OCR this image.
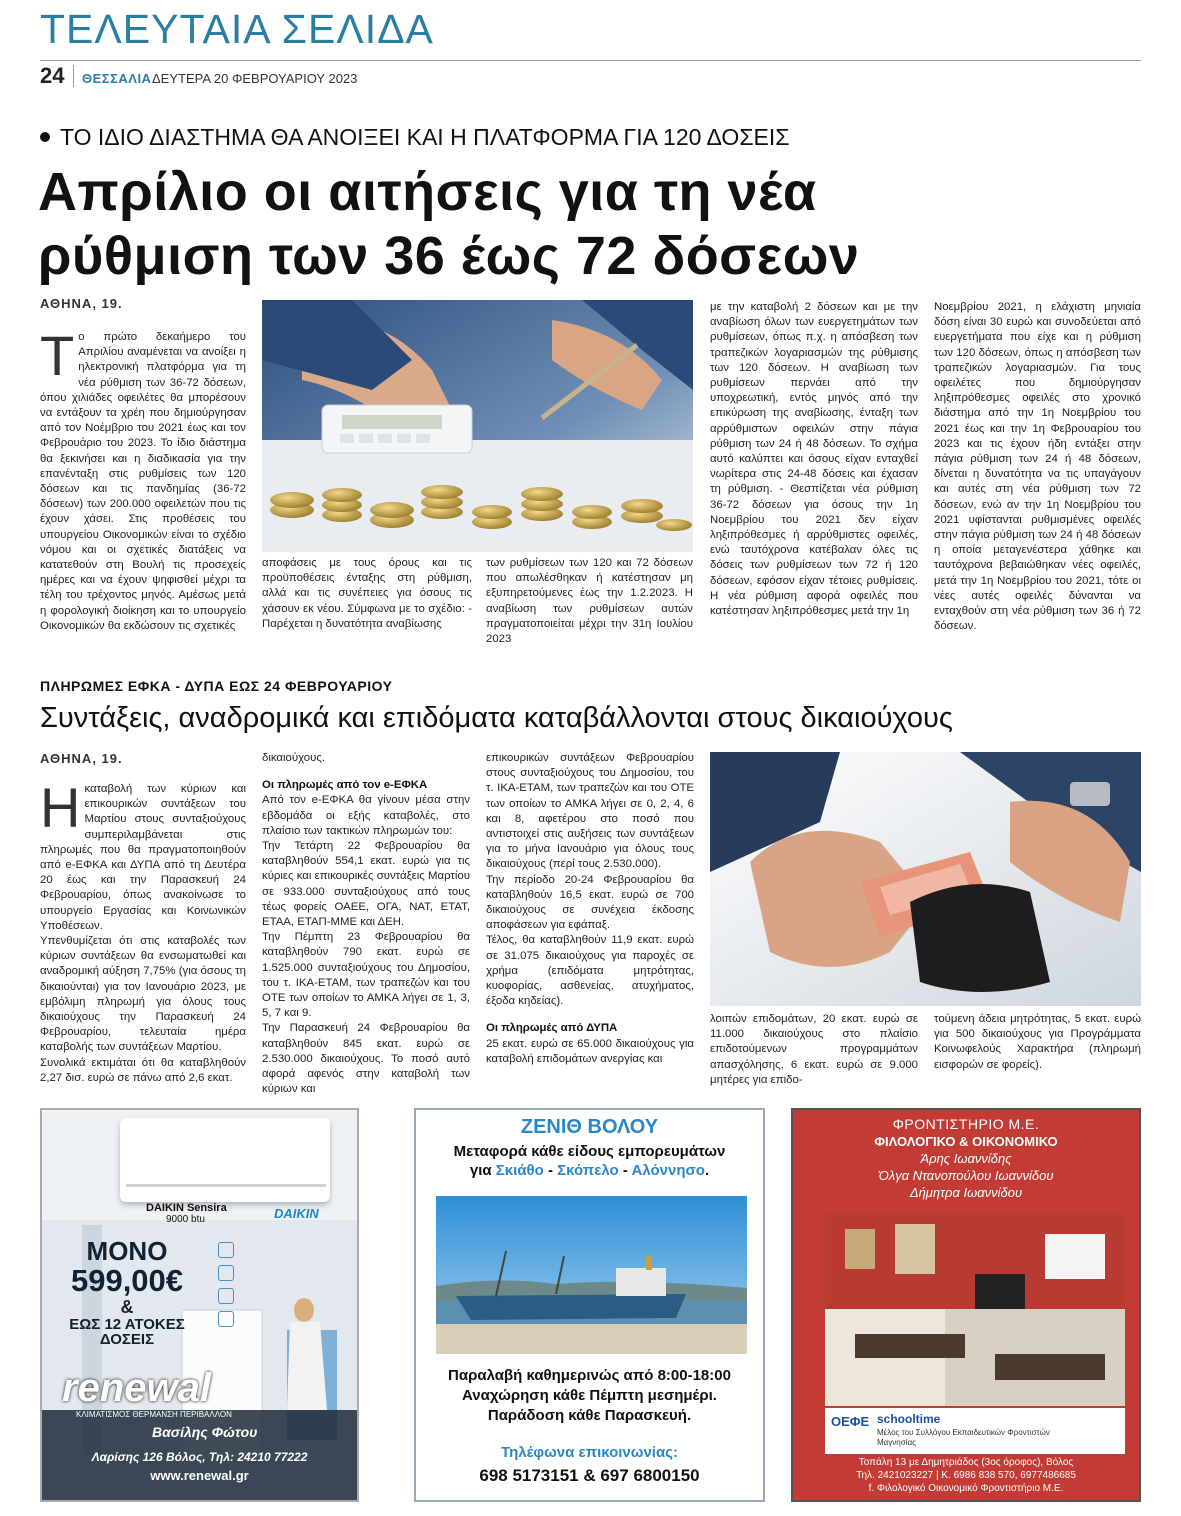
ΤΕΛΕΥΤΑΙΑ ΣΕΛΙΔΑ
24 ΘΕΣΣΑΛΙΑ ΔΕΥΤΕΡΑ 20 ΦΕΒΡΟΥΑΡΙΟΥ 2023
ΤΟ ΙΔΙΟ ΔΙΑΣΤΗΜΑ ΘΑ ΑΝΟΙΞΕΙ ΚΑΙ Η ΠΛΑΤΦΟΡΜΑ ΓΙΑ 120 ΔΟΣΕΙΣ
Απρίλιο οι αιτήσεις για τη νέα
ρύθμιση των 36 έως 72 δόσεων
ΑΘΗΝΑ, 19.
Το πρώτο δεκαήμερο του Απριλίου αναμένεται να ανοίξει η ηλεκτρονική πλατφόρμα για τη νέα ρύθμιση των 36-72 δόσεων, όπου χιλιάδες οφειλέτες θα μπορέσουν να εντάξουν τα χρέη που δημιούργησαν από τον Νοέμβριο του 2021 έως και τον Φεβρουάριο του 2023. Το ίδιο διάστημα θα ξεκινήσει και η διαδικασία για την επανένταξη στις ρυθμίσεις των 120 δόσεων και τις πανδημίας (36-72 δόσεων) των 200.000 οφειλετών που τις έχουν χάσει. Στις προθέσεις του υπουργείου Οικονομικών είναι το σχέδιο νόμου και οι σχετικές διατάξεις να κατατεθούν στη Βουλή τις προσεχείς ημέρες και να έχουν ψηφισθεί μέχρι τα τέλη του τρέχοντος μηνός. Αμέσως μετά η φορολογική διοίκηση και το υπουργείο Οικονομικών θα εκδώσουν τις σχετικές
αποφάσεις με τους όρους και τις προϋποθέσεις ένταξης στη ρύθμιση, αλλά και τις συνέπειες για όσους τις χάσουν εκ νέου. Σύμφωνα με το σχέδιο: - Παρέχεται η δυνατότητα αναβίωσης
των ρυθμίσεων των 120 και 72 δόσεων που απωλέσθηκαν ή κατέστησαν μη εξυπηρετούμενες έως την 1.2.2023. Η αναβίωση των ρυθμίσεων αυτών πραγματοποιείται μέχρι την 31η Ιουλίου 2023
με την καταβολή 2 δόσεων και με την αναβίωση όλων των ευεργετημάτων των ρυθμίσεων, όπως π.χ. η απόσβεση των τραπεζικών λογαριασμών της ρύθμισης των 120 δόσεων. Η αναβίωση των ρυθμίσεων περνάει από την υποχρεωτική, εντός μηνός από την επικύρωση της αναβίωσης, ένταξη των αρρύθμιστων οφειλών στην πάγια ρύθμιση των 24 ή 48 δόσεων. Το σχήμα αυτό καλύπτει και όσους είχαν ενταχθεί νωρίτερα στις 24-48 δόσεις και έχασαν τη ρύθμιση. - Θεσπίζεται νέα ρύθμιση 36-72 δόσεων για όσους την 1η Νοεμβρίου του 2021 δεν είχαν ληξιπρόθεσμες ή αρρύθμιστες οφειλές, ενώ ταυτόχρονα κατέβαλαν όλες τις δόσεις των ρυθμίσεων των 72 ή 120 δόσεων, εφόσον είχαν τέτοιες ρυθμίσεις. Η νέα ρύθμιση αφορά οφειλές που κατέστησαν ληξιπρόθεσμες μετά την 1η
Νοεμβρίου 2021, η ελάχιστη μηνιαία δόση είναι 30 ευρώ και συνοδεύεται από ευεργετήματα που είχε και η ρύθμιση των 120 δόσεων, όπως η απόσβεση των τραπεζικών λογαριασμών. Για τους οφειλέτες που δημιούργησαν ληξιπρόθεσμες οφειλές στο χρονικό διάστημα από την 1η Νοεμβρίου του 2021 έως και την 1η Φεβρουαρίου του 2023 και τις έχουν ήδη εντάξει στην πάγια ρύθμιση των 24 ή 48 δόσεων, δίνεται η δυνατότητα να τις υπαγάγουν και αυτές στη νέα ρύθμιση των 72 δόσεων, ενώ αν την 1η Νοεμβρίου του 2021 υφίστανται ρυθμισμένες οφειλές στην πάγια ρύθμιση των 24 ή 48 δόσεων η οποία μεταγενέστερα χάθηκε και ταυτόχρονα βεβαιώθηκαν νέες οφειλές, μετά την 1η Νοεμβρίου του 2021, τότε οι νέες αυτές οφειλές δύνανται να ενταχθούν στη νέα ρύθμιση των 36 ή 72 δόσεων.
ΠΛΗΡΩΜΕΣ ΕΦΚΑ - ΔΥΠΑ ΕΩΣ 24 ΦΕΒΡΟΥΑΡΙΟΥ
Συντάξεις, αναδρομικά και επιδόματα καταβάλλονται στους δικαιούχους
ΑΘΗΝΑ, 19.

Ηκαταβολή των κύριων και επικουρικών συντάξεων του Μαρτίου στους συνταξιούχους συμπεριλαμβάνεται στις πληρωμές που θα πραγματοποιηθούν από e-ΕΦΚΑ και ΔΥΠΑ από τη Δευτέρα 20 έως και την Παρασκευή 24 Φεβρουαρίου, όπως ανακοίνωσε το υπουργείο Εργασίας και Κοινωνικών Υποθέσεων.

Υπενθυμίζεται ότι στις καταβολές των κύριων συντάξεων θα ενσωματωθεί και αναδρομική αύξηση 7,75% (για όσους τη δικαιούνται) για τον Ιανουάριο 2023, με εμβόλιμη πληρωμή για όλους τους δικαιούχους την Παρασκευή 24 Φεβρουαρίου, τελευταία ημέρα καταβολής των συντάξεων Μαρτίου.

Συνολικά εκτιμάται ότι θα καταβληθούν 2,27 δισ. ευρώ σε πάνω από 2,6 εκατ.

δικαιούχους.

Οι πληρωμές από τον e-ΕΦΚΑ

Από τον e-ΕΦΚΑ θα γίνουν μέσα στην εβδομάδα οι εξής καταβολές, στο πλαίσιο των τακτικών πληρωμών του:

Την Τετάρτη 22 Φεβρουαρίου θα καταβληθούν 554,1 εκατ. ευρώ για τις κύριες και επικουρικές συντάξεις Μαρτίου σε 933.000 συνταξιούχους από τους τέως φορείς ΟΑΕΕ, ΟΓΑ, ΝΑΤ, ΕΤΑΤ, ΕΤΑΑ, ΕΤΑΠ-ΜΜΕ και ΔΕΗ.

Την Πέμπτη 23 Φεβρουαρίου θα καταβληθούν 790 εκατ. ευρώ σε 1.525.000 συνταξιούχους του Δημοσίου, του τ. ΙΚΑ-ΕΤΑΜ, των τραπεζών και του ΟΤΕ των οποίων το ΑΜΚΑ λήγει σε 1, 3, 5, 7 και 9.

Την Παρασκευή 24 Φεβρουαρίου θα καταβληθούν 845 εκατ. ευρώ σε 2.530.000 δικαιούχους. Το ποσό αυτό αφορά αφενός στην καταβολή των κύριων και

επικουρικών συντάξεων Φεβρουαρίου στους συνταξιούχους του Δημοσίου, του τ. ΙΚΑ-ΕΤΑΜ, των τραπεζών και του ΟΤΕ των οποίων το ΑΜΚΑ λήγει σε 0, 2, 4, 6 και 8, αφετέρου στο ποσό που αντιστοιχεί στις αυξήσεις των συντάξεων για το μήνα Ιανουάριο για όλους τους δικαιούχους (περί τους 2.530.000).

Την περίοδο 20-24 Φεβρουαρίου θα καταβληθούν 16,5 εκατ. ευρώ σε 700 δικαιούχους σε συνέχεια έκδοσης αποφάσεων για εφάπαξ.

Τέλος, θα καταβληθούν 11,9 εκατ. ευρώ σε 31.075 δικαιούχους για παροχές σε χρήμα (επιδόματα μητρότητας, κυοφορίας, ασθενείας, ατυχήματος, έξοδα κηδείας).

Οι πληρωμές από ΔΥΠΑ

25 εκατ. ευρώ σε 65.000 δικαιούχους για καταβολή επιδομάτων ανεργίας και

λοιπών επιδομάτων, 20 εκατ. ευρώ σε 11.000 δικαιούχους στο πλαίσιο επιδοτούμενων προγραμμάτων απασχόλησης, 6 εκατ. ευρώ σε 9.000 μητέρες για επιδο-
τούμενη άδεια μητρότητας, 5 εκατ. ευρώ για 500 δικαιούχους για Προγράμματα Κοινωφελούς Χαρακτήρα (πληρωμή εισφορών σε φορείς).
DAIKIN Sensira
9000 btu	DAIKIN
ΜΟΝΟ
599,00€
&
ΕΩΣ 12 ΑΤΟΚΕΣ
ΔΟΣΕΙΣ
renewal
ΚΛΙΜΑΤΙΣΜΟΣ ΘΕΡΜΑΝΣΗ ΠΕΡΙΒΑΛΛΟΝ
Βασίλης Φώτου
Λαρίσης 126 Βόλος, Τηλ: 24210 77222
www.renewal.gr
ΖΕΝΙΘ ΒΟΛΟΥ
Μεταφορά κάθε είδους εμπορευμάτων
για Σκιάθο - Σκόπελο - Αλόννησο.
Παραλαβή καθημερινώς από 8:00-18:00
Αναχώρηση κάθε Πέμπτη μεσημέρι.
Παράδοση κάθε Παρασκευή.
Τηλέφωνα επικοινωνίας:
698 5173151 & 697 6800150
ΦΡΟΝΤΙΣΤΗΡΙΟ Μ.Ε.
ΦΙΛΟΛΟΓΙΚΟ & ΟΙΚΟΝΟΜΙΚΟ
Άρης Ιωαννίδης
Όλγα Ντανοπούλου Ιωαννίδου
Δήμητρα Ιωαννίδου
ΟΕΦΕ schooltime
Μέλος του Συλλόγου Εκπαιδευτικών Φροντιστών Μαγνησίας
Τοπάλη 13 με Δημητριάδος (3ος όροφος), Βόλος
Τηλ. 2421023227 | Κ. 6986 838 570, 6977486685
f. Φιλολογικό Οικονομικό Φροντιστήριο Μ.Ε.
